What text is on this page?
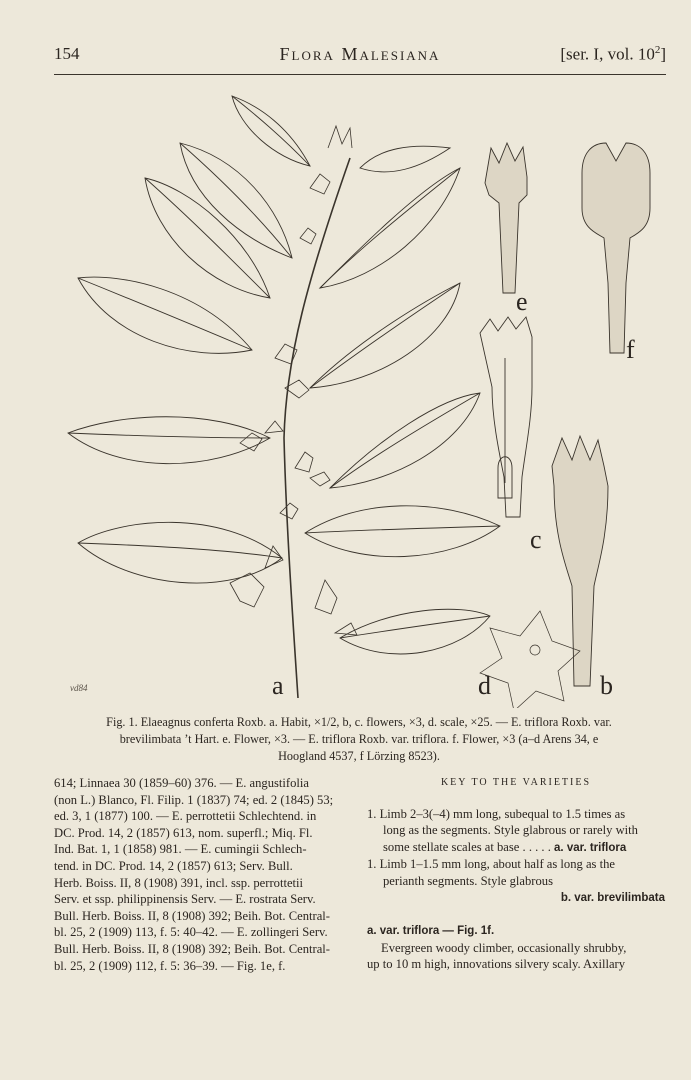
154	Flora Malesiana	[ser. I, vol. $10^2$]
a	b
c
d
e
f
vd84
Fig. 1. Elaeagnus conferta Roxb. a. Habit, ×1/2, b, c. flowers, ×3, d. scale, ×25. — E. triflora Roxb. var.
brevilimbata ’t Hart. e. Flower, ×3. — E. triflora Roxb. var. triflora. f. Flower, ×3 (a–d Arens 34, e
Hoogland 4537, f Lörzing 8523).
614; Linnaea 30 (1859–60) 376. — E. angustifolia
(non L.) Blanco, Fl. Filip. 1 (1837) 74; ed. 2 (1845) 53;
ed. 3, 1 (1877) 100. — E. perrottetii Schlechtend. in
DC. Prod. 14, 2 (1857) 613, nom. superfl.; Miq. Fl.
Ind. Bat. 1, 1 (1858) 981. — E. cumingii Schlech-
tend. in DC. Prod. 14, 2 (1857) 613; Serv. Bull.
Herb. Boiss. II, 8 (1908) 391, incl. ssp. perrottetii
Serv. et ssp. philippinensis Serv. — E. rostrata Serv.
Bull. Herb. Boiss. II, 8 (1908) 392; Beih. Bot. Central-
bl. 25, 2 (1909) 113, f. 5: 40–42. — E. zollingeri Serv.
Bull. Herb. Boiss. II, 8 (1908) 392; Beih. Bot. Central-
bl. 25, 2 (1909) 112, f. 5: 36–39. — Fig. 1e, f.
KEY TO THE VARIETIES
1. Limb 2–3(–4) mm long, subequal to 1.5 times as
long as the segments. Style glabrous or rarely with
some stellate scales at base . . . . . a. var. triflora
1. Limb 1–1.5 mm long, about half as long as the
perianth segments. Style glabrous
b. var. brevilimbata
a. var. triflora — Fig. 1f.
Evergreen woody climber, occasionally shrubby,
up to 10 m high, innovations silvery scaly. Axillary
